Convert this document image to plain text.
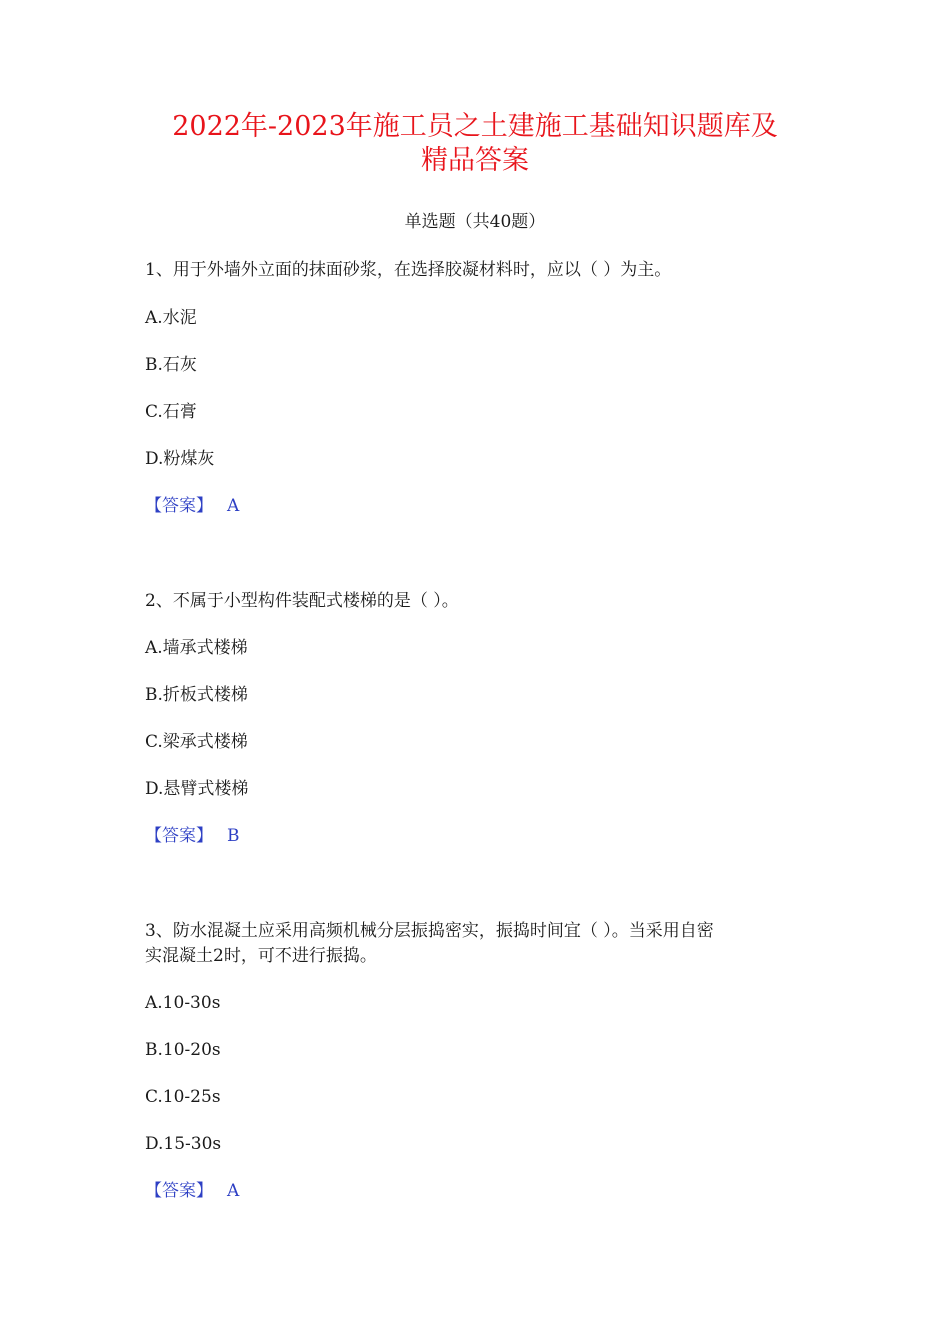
2022年-2023年施工员之土建施工基础知识题库及
精品答案
单选题（共40题）
1、用于外墙外立面的抹面砂浆，在选择胶凝材料时，应以（ ）为主。
A.水泥
B.石灰
C.石膏
D.粉煤灰
【答案】 A
2、不属于小型构件装配式楼梯的是（ ）。
A.墙承式楼梯
B.折板式楼梯
C.梁承式楼梯
D.悬臂式楼梯
【答案】 B
3、防水混凝土应采用高频机械分层振捣密实，振捣时间宜（ ）。当采用自密
实混凝土2时，可不进行振捣。
A.10-30s
B.10-20s
C.10-25s
D.15-30s
【答案】 A
